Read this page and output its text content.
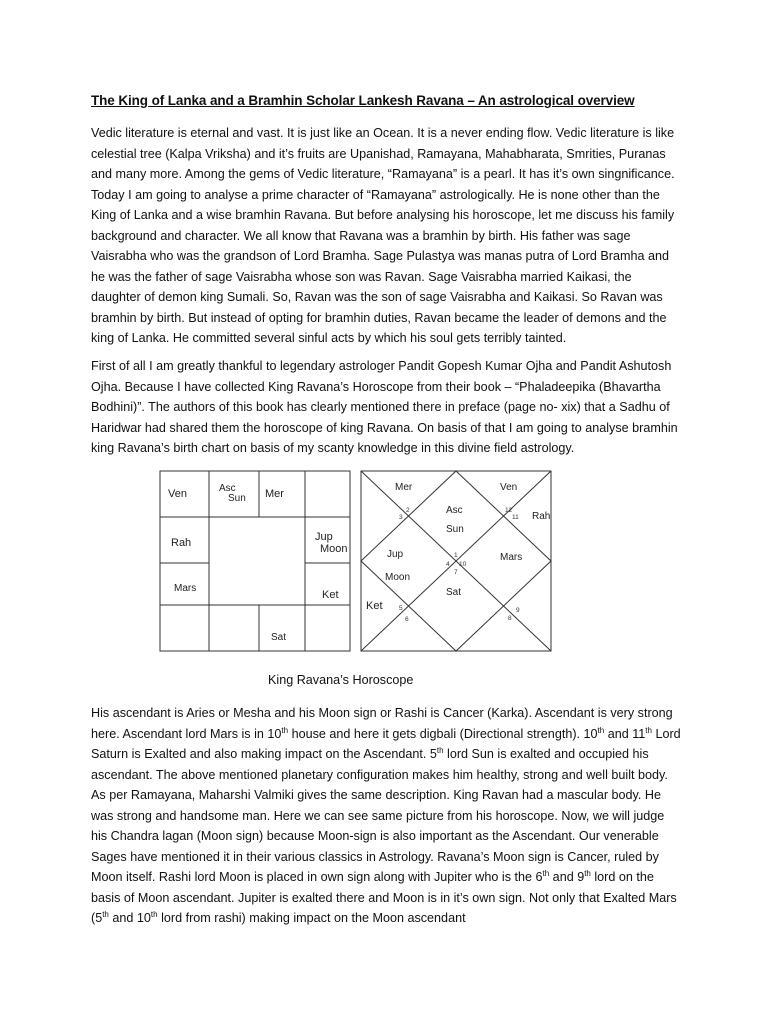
The King of Lanka and a Bramhin Scholar Lankesh Ravana – An astrological overview

Vedic literature is eternal and vast. It is just like an Ocean. It is a never ending flow. Vedic literature is like celestial tree (Kalpa Vriksha) and it’s fruits are Upanishad, Ramayana, Mahabharata, Smrities, Puranas and many more. Among the gems of Vedic literature, “Ramayana” is a pearl. It has it’s own singnificance. Today I am going to analyse a prime character of “Ramayana” astrologically. He is none other than the King of Lanka and a wise bramhin Ravana. But before analysing his horoscope, let me discuss his family background and character. We all know that Ravana was a bramhin by birth. His father was sage Vaisrabha who was the grandson of Lord Bramha. Sage Pulastya was manas putra of Lord Bramha and he was the father of sage Vaisrabha whose son was Ravan. Sage Vaisrabha married Kaikasi, the daughter of demon king Sumali. So, Ravan was the son of sage Vaisrabha and Kaikasi. So Ravan was bramhin by birth. But instead of opting for bramhin duties, Ravan became the leader of demons and the king of Lanka. He committed several sinful acts by which his soul gets terribly tainted.

First of all I am greatly thankful to legendary astrologer Pandit Gopesh Kumar Ojha and Pandit Ashutosh Ojha. Because I have collected King Ravana’s Horoscope from their book – “Phaladeepika (Bhavartha Bodhini)”. The authors of this book has clearly mentioned there in preface (page no- xix) that a Sadhu of Haridwar had shared them the horoscope of king Ravana. On basis of that I am going to analyse bramhin king Ravana’s birth chart on basis of my scanty knowledge in this divine field astrology.

Ven	Asc
Sun Mer
Rah	Jup
Moon
Mars
Ket
Sat
Mer	Ven
Asc
Sun
Rah
Jup
Moon
Mars
Sat
Ket
2
3
1
4 10
7
12
11
5
6
9
8
King Ravana’s Horoscope

His ascendant is Aries or Mesha and his Moon sign or Rashi is Cancer (Karka). Ascendant is very strong here. Ascendant lord Mars is in 10th house and here it gets digbali (Directional strength). 10th and 11th Lord Saturn is Exalted and also making impact on the Ascendant. 5th lord Sun is exalted and occupied his ascendant. The above mentioned planetary configuration makes him healthy, strong and well built body. As per Ramayana, Maharshi Valmiki gives the same description. King Ravan had a mascular body. He was strong and handsome man. Here we can see same picture from his horoscope. Now, we will judge his Chandra lagan (Moon sign) because Moon-sign is also important as the Ascendant. Our venerable Sages have mentioned it in their various classics in Astrology. Ravana’s Moon sign is Cancer, ruled by Moon itself. Rashi lord Moon is placed in own sign along with Jupiter who is the 6th and 9th lord on the basis of Moon ascendant. Jupiter is exalted there and Moon is in it’s own sign. Not only that Exalted Mars (5th and 10th lord from rashi) making impact on the Moon ascendant
